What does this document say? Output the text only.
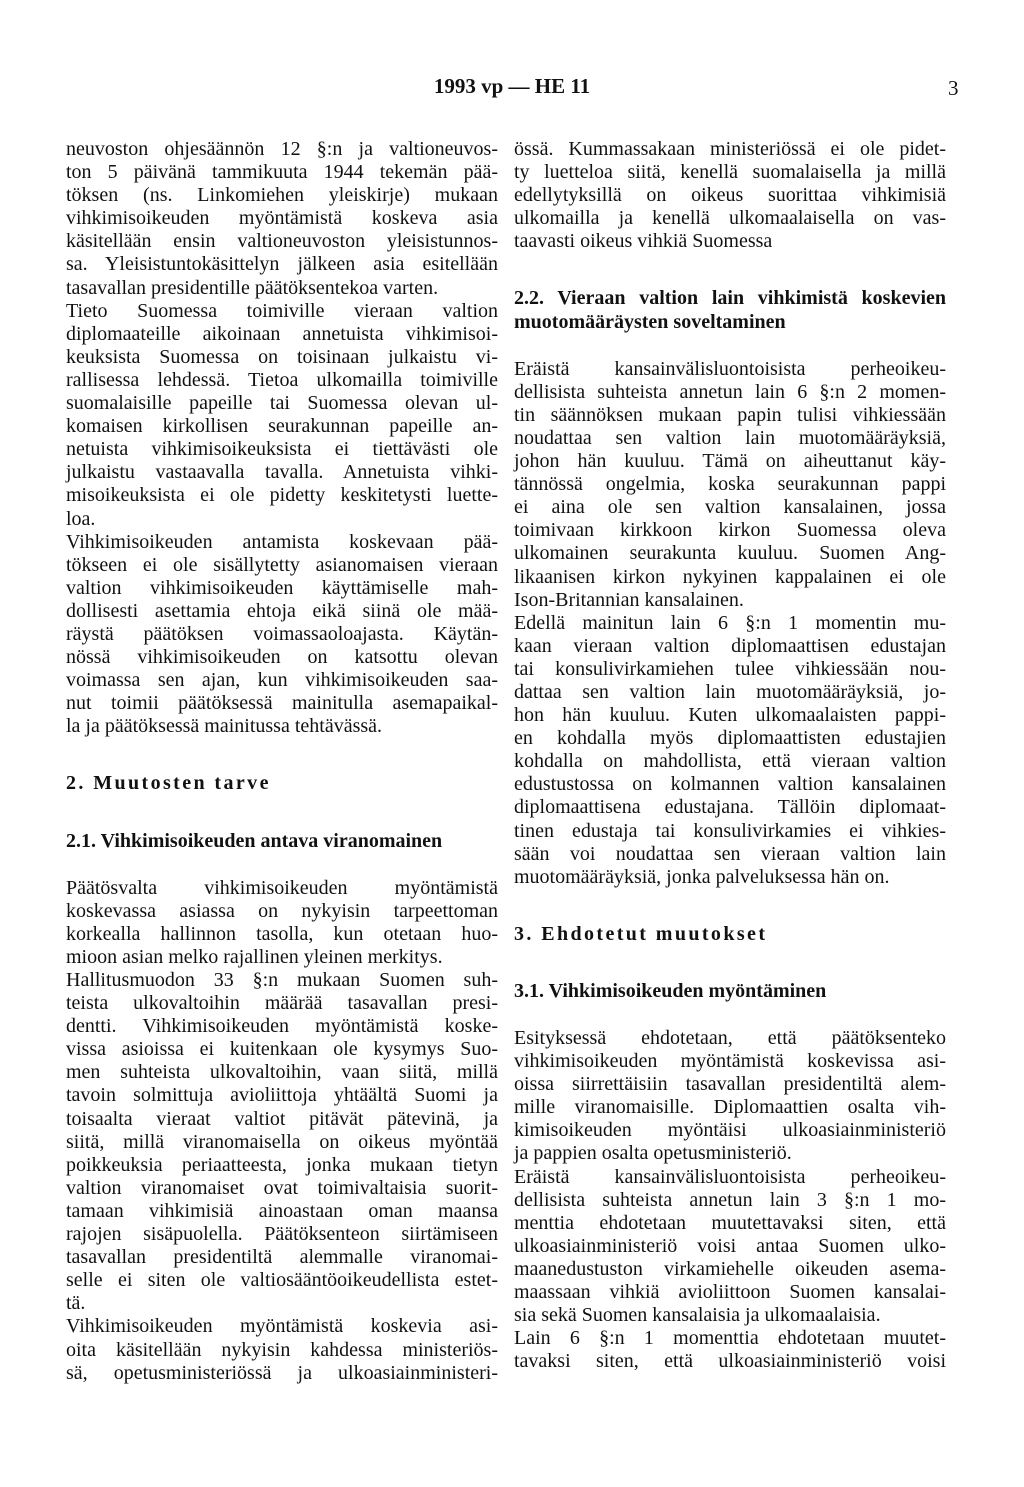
1993 vp — HE 11	3
neuvoston ohjesäännön 12 §:n ja valtioneuvos-
ton 5 päivänä tammikuuta 1944 tekemän pää-
töksen (ns. Linkomiehen yleiskirje) mukaan
vihkimisoikeuden myöntämistä koskeva asia
käsitellään ensin valtioneuvoston yleisistunnos-
sa. Yleisistuntokäsittelyn jälkeen asia esitellään
tasavallan presidentille päätöksentekoa varten.
Tieto Suomessa toimiville vieraan valtion
diplomaateille aikoinaan annetuista vihkimisoi-
keuksista Suomessa on toisinaan julkaistu vi-
rallisessa lehdessä. Tietoa ulkomailla toimiville
suomalaisille papeille tai Suomessa olevan ul-
komaisen kirkollisen seurakunnan papeille an-
netuista vihkimisoikeuksista ei tiettävästi ole
julkaistu vastaavalla tavalla. Annetuista vihki-
misoikeuksista ei ole pidetty keskitetysti luette-
loa.
Vihkimisoikeuden antamista koskevaan pää-
tökseen ei ole sisällytetty asianomaisen vieraan
valtion vihkimisoikeuden käyttämiselle mah-
dollisesti asettamia ehtoja eikä siinä ole mää-
räystä päätöksen voimassaoloajasta. Käytän-
nössä vihkimisoikeuden on katsottu olevan
voimassa sen ajan, kun vihkimisoikeuden saa-
nut toimii päätöksessä mainitulla asemapaikal-
la ja päätöksessä mainitussa tehtävässä.
2. Muutosten tarve
2.1. Vihkimisoikeuden antava viranomainen
Päätösvalta vihkimisoikeuden myöntämistä
koskevassa asiassa on nykyisin tarpeettoman
korkealla hallinnon tasolla, kun otetaan huo-
mioon asian melko rajallinen yleinen merkitys.
Hallitusmuodon 33 §:n mukaan Suomen suh-
teista ulkovaltoihin määrää tasavallan presi-
dentti. Vihkimisoikeuden myöntämistä koske-
vissa asioissa ei kuitenkaan ole kysymys Suo-
men suhteista ulkovaltoihin, vaan siitä, millä
tavoin solmittuja avioliittoja yhtäältä Suomi ja
toisaalta vieraat valtiot pitävät pätevinä, ja
siitä, millä viranomaisella on oikeus myöntää
poikkeuksia periaatteesta, jonka mukaan tietyn
valtion viranomaiset ovat toimivaltaisia suorit-
tamaan vihkimisiä ainoastaan oman maansa
rajojen sisäpuolella. Päätöksenteon siirtämiseen
tasavallan presidentiltä alemmalle viranomai-
selle ei siten ole valtiosääntöoikeudellista estet-
tä.
Vihkimisoikeuden myöntämistä koskevia asi-
oita käsitellään nykyisin kahdessa ministeriös-
sä, opetusministeriössä ja ulkoasiainministeri-
össä. Kummassakaan ministeriössä ei ole pidet-
ty luetteloa siitä, kenellä suomalaisella ja millä
edellytyksillä on oikeus suorittaa vihkimisiä
ulkomailla ja kenellä ulkomaalaisella on vas-
taavasti oikeus vihkiä Suomessa
2.2. Vieraan valtion lain vihkimistä koskevien
muotomääräysten soveltaminen
Eräistä kansainvälisluontoisista perheoikeu-
dellisista suhteista annetun lain 6 §:n 2 momen-
tin säännöksen mukaan papin tulisi vihkiessään
noudattaa sen valtion lain muotomääräyksiä,
johon hän kuuluu. Tämä on aiheuttanut käy-
tännössä ongelmia, koska seurakunnan pappi
ei aina ole sen valtion kansalainen, jossa
toimivaan kirkkoon kirkon Suomessa oleva
ulkomainen seurakunta kuuluu. Suomen Ang-
likaanisen kirkon nykyinen kappalainen ei ole
Ison-Britannian kansalainen.
Edellä mainitun lain 6 §:n 1 momentin mu-
kaan vieraan valtion diplomaattisen edustajan
tai konsulivirkamiehen tulee vihkiessään nou-
dattaa sen valtion lain muotomääräyksiä, jo-
hon hän kuuluu. Kuten ulkomaalaisten pappi-
en kohdalla myös diplomaattisten edustajien
kohdalla on mahdollista, että vieraan valtion
edustustossa on kolmannen valtion kansalainen
diplomaattisena edustajana. Tällöin diplomaat-
tinen edustaja tai konsulivirkamies ei vihkies-
sään voi noudattaa sen vieraan valtion lain
muotomääräyksiä, jonka palveluksessa hän on.
3. Ehdotetut muutokset
3.1. Vihkimisoikeuden myöntäminen
Esityksessä ehdotetaan, että päätöksenteko
vihkimisoikeuden myöntämistä koskevissa asi-
oissa siirrettäisiin tasavallan presidentiltä alem-
mille viranomaisille. Diplomaattien osalta vih-
kimisoikeuden myöntäisi ulkoasiainministeriö
ja pappien osalta opetusministeriö.
Eräistä kansainvälisluontoisista perheoikeu-
dellisista suhteista annetun lain 3 §:n 1 mo-
menttia ehdotetaan muutettavaksi siten, että
ulkoasiainministeriö voisi antaa Suomen ulko-
maanedustuston virkamiehelle oikeuden asema-
maassaan vihkiä avioliittoon Suomen kansalai-
sia sekä Suomen kansalaisia ja ulkomaalaisia.
Lain 6 §:n 1 momenttia ehdotetaan muutet-
tavaksi siten, että ulkoasiainministeriö voisi
